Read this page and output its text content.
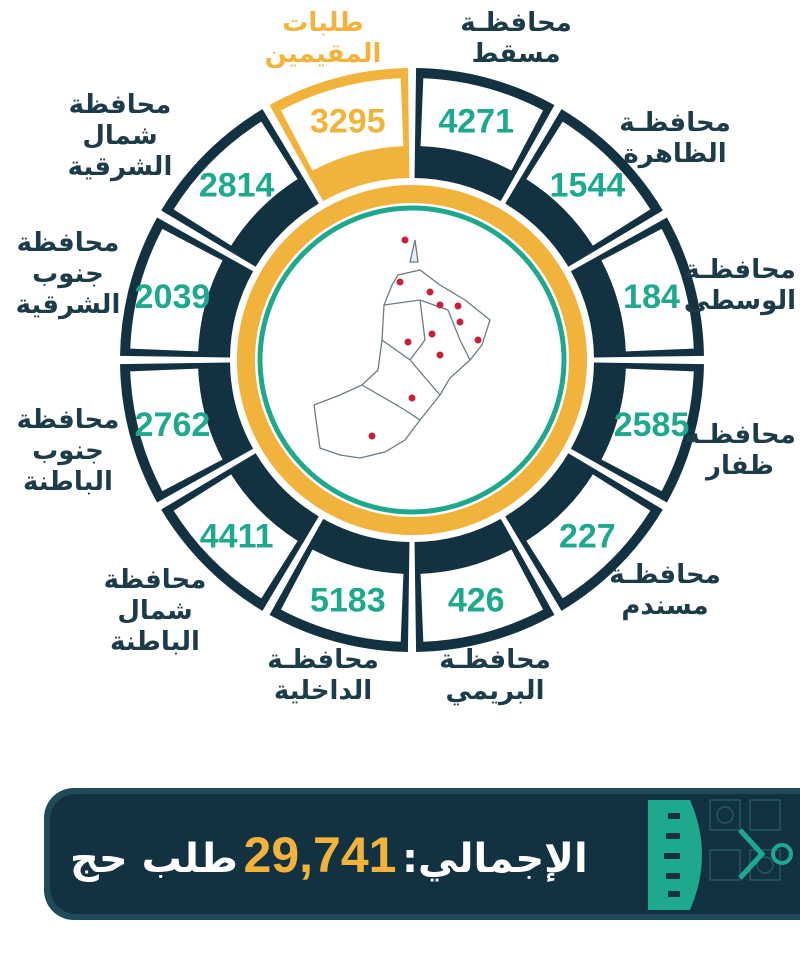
4271
1544
184
2585
227
426
5183
4411
2762
2039
2814
3295
محافظـة
مسقط
محافظـة
الظاهرة
محافظـة
الوسطى
محافظـة
ظفار
محافظـة
مسندم
محافظـة
البريمي
محافظـة
الداخلية
محافظة
شمال
الباطنة
محافظة
جنوب
الباطنة
محافظة
جنوب
الشرقية
محافظة
شمال
الشرقية
طلبات
المقيمين
الإجمالي: 29,741 طلب حج
